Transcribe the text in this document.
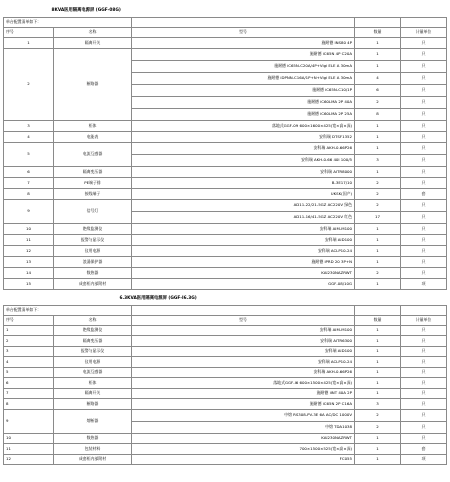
8KVA医用隔离电源屏 (GGF-08G)				
单台配置清单如下：				
序号	名称	型号	数量	计量单位
1	隔离开关	施耐德 INS80 4P	1	只
2	断路器	施耐德 iC65N 4P C20A	1	只
		施耐德 iC65N-C20A/4P+Vigi ELE A 30mA	1	只
		施耐德 iDPNN-C16A/1P+N+Vigi ELE A 30mA	4	只
		施耐德 iC65N-C10/1P	6	只
		施耐德 iC60LMA 2P 40A	2	只
		施耐德 iC60LMA 2P 25A	8	只
3	柜体	落地式GGF-09 600×1600×425(宽×高×深)	1	只
4	电能表	安科瑞 DTSF1352	1	只
5	电流互感器	安科瑞 AKH-0.66P26	1	只
		安科瑞 AKH-0.66 40I 100/5	3	只
6	隔离变压器	安科瑞 AITR8000	1	只
7	PE端子排	B-3E17/10	2	只
8	接线端子	UKSK(国产)	2	套
9	信号灯	AD11-22/21-5GZ AC220V 绿色	2	只
		AD11-16/41-5GZ AC220V 红色	17	只
10	绝缘监测仪	安科瑞 AIM-M100	1	只
11	报警与显示仪	安科瑞 AID100	1	只
12	仪用电源	安科瑞 ACLP10-24	1	只
13	浪涌保护器	施耐德 iPRD 20 3P+N	1	只
14	数热器	KAI230NAZRWT	2	只
15	成套柜内部附材	GGF-08/10G	1	项
6.3KVA医用隔离电源屏 (GGF-I6.3G)				
单台配置清单如下：				
序号	名称	型号	数量	计量单位
1	绝缘监测仪	安科瑞 AIM-M100	1	只
2	隔离变压器	安科瑞 AITR6300	1	只
3	报警与显示仪	安科瑞 AID100	1	只
4	仪用电源	安科瑞 ACLP10-24	1	只
5	电流互感器	安科瑞 AKH-0.66P26	1	只
6	柜体	落地式GGF-I6 600×1500×425(宽×高×深)	1	只
7	隔离开关	施耐德 iINT 40A 2P	1	只
8	断路器	施耐德 iC65N 2P C16A	3	只
9	熔断器	中熔 RS308-PV-3E 6A AC/DC 1000V	2	只
		中熔 TDA1038	2	只
10	数热器	KAI230NAZRWT	1	只
11	包装材料	700×1500×525(宽×高×深)	1	套
12	成套柜内部附材	FC055	1	项
